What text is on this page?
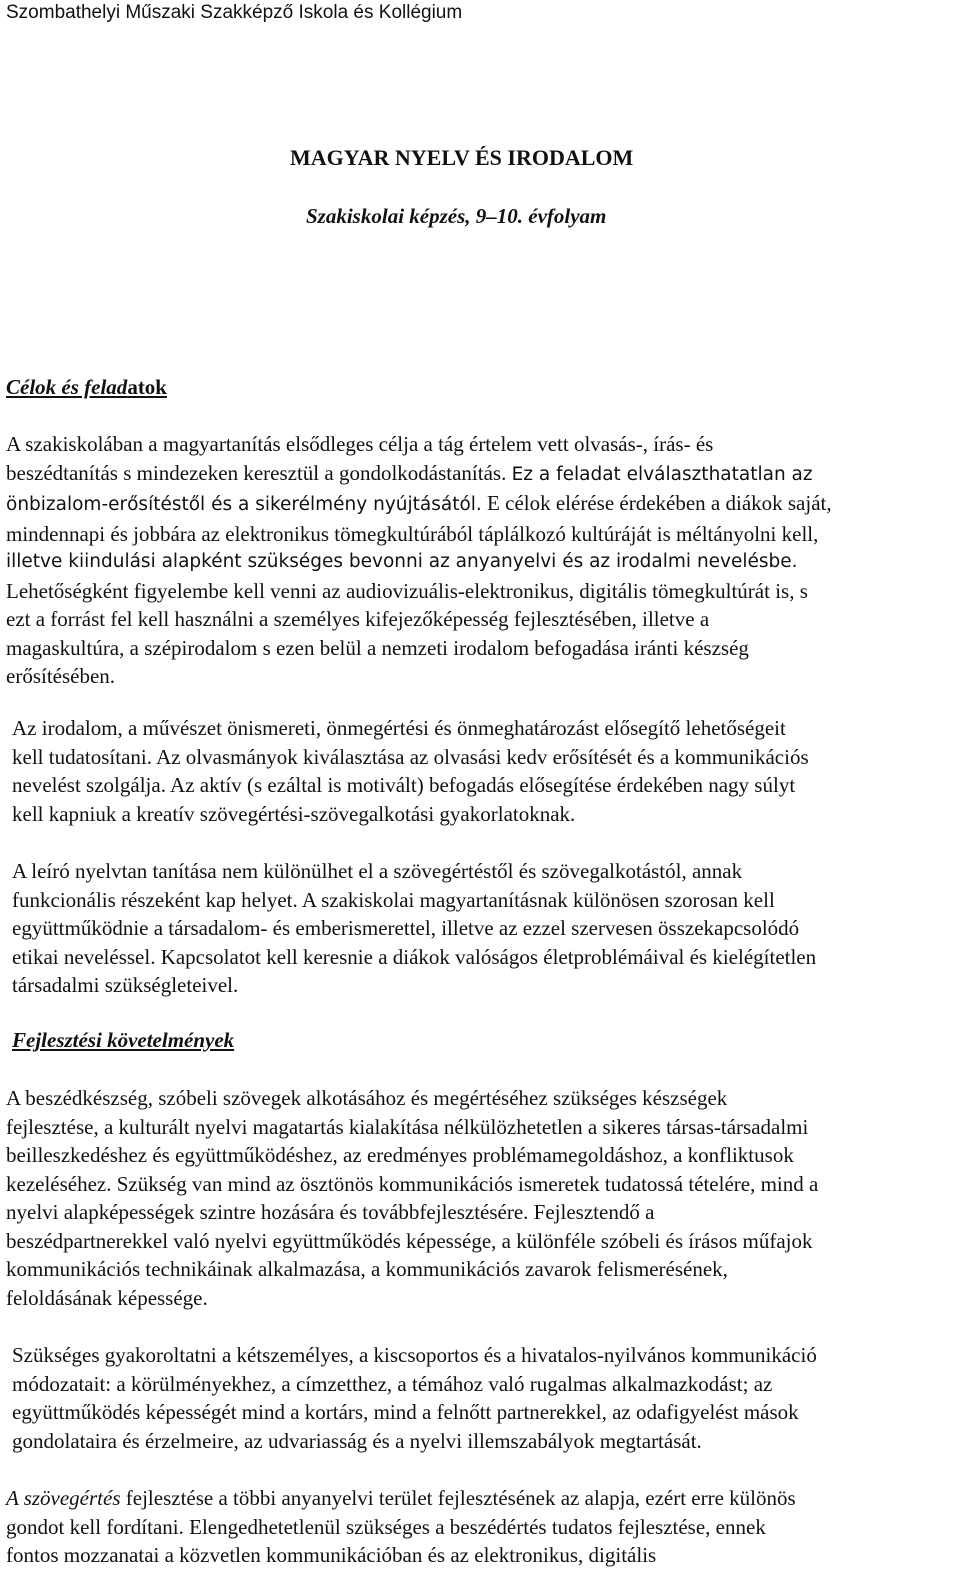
Szombathelyi Műszaki Szakképző Iskola és Kollégium
MAGYAR NYELV ÉS IRODALOM
Szakiskolai képzés, 9–10. évfolyam
Célok és feladatok
A szakiskolában a magyartanítás elsődleges célja a tág értelem vett olvasás-, írás- és
beszédtanítás s mindezeken keresztül a gondolkodástanítás. Ez a feladat elválaszthatatlan az
önbizalom-erősítéstől és a sikerélmény nyújtásától. E célok elérése érdekében a diákok saját,
mindennapi és jobbára az elektronikus tömegkultúrából táplálkozó kultúráját is méltányolni kell,
illetve kiindulási alapként szükséges bevonni az anyanyelvi és az irodalmi nevelésbe.
Lehetőségként figyelembe kell venni az audiovizuális-elektronikus, digitális tömegkultúrát is, s
ezt a forrást fel kell használni a személyes kifejezőképesség fejlesztésében, illetve a
magaskultúra, a szépirodalom s ezen belül a nemzeti irodalom befogadása iránti készség
erősítésében.
Az irodalom, a művészet önismereti, önmegértési és önmeghatározást elősegítő lehetőségeit
kell tudatosítani. Az olvasmányok kiválasztása az olvasási kedv erősítését és a kommunikációs
nevelést szolgálja. Az aktív (s ezáltal is motivált) befogadás elősegítése érdekében nagy súlyt
kell kapniuk a kreatív szövegértési-szövegalkotási gyakorlatoknak.
A leíró nyelvtan tanítása nem különülhet el a szövegértéstől és szövegalkotástól, annak
funkcionális részeként kap helyet. A szakiskolai magyartanításnak különösen szorosan kell
együttműködnie a társadalom- és emberismerettel, illetve az ezzel szervesen összekapcsolódó
etikai neveléssel. Kapcsolatot kell keresnie a diákok valóságos életproblémáival és kielégítetlen
társadalmi szükségleteivel.
Fejlesztési követelmények
A beszédkészség, szóbeli szövegek alkotásához és megértéséhez szükséges készségek
fejlesztése, a kulturált nyelvi magatartás kialakítása nélkülözhetetlen a sikeres társas-társadalmi
beilleszkedéshez és együttműködéshez, az eredményes problémamegoldáshoz, a konfliktusok
kezeléséhez. Szükség van mind az ösztönös kommunikációs ismeretek tudatossá tételére, mind a
nyelvi alapképességek szintre hozására és továbbfejlesztésére. Fejlesztendő a
beszédpartnerekkel való nyelvi együttműködés képessége, a különféle szóbeli és írásos műfajok
kommunikációs technikáinak alkalmazása, a kommunikációs zavarok felismerésének,
feloldásának képessége.
Szükséges gyakoroltatni a kétszemélyes, a kiscsoportos és a hivatalos-nyilvános kommunikáció
módozatait: a körülményekhez, a címzetthez, a témához való rugalmas alkalmazkodást; az
együttműködés képességét mind a kortárs, mind a felnőtt partnerekkel, az odafigyelést mások
gondolataira és érzelmeire, az udvariasság és a nyelvi illemszabályok megtartását.
A szövegértés fejlesztése a többi anyanyelvi terület fejlesztésének az alapja, ezért erre különös
gondot kell fordítani. Elengedhetetlenül szükséges a beszédértés tudatos fejlesztése, ennek
fontos mozzanatai a közvetlen kommunikációban és az elektronikus, digitális
